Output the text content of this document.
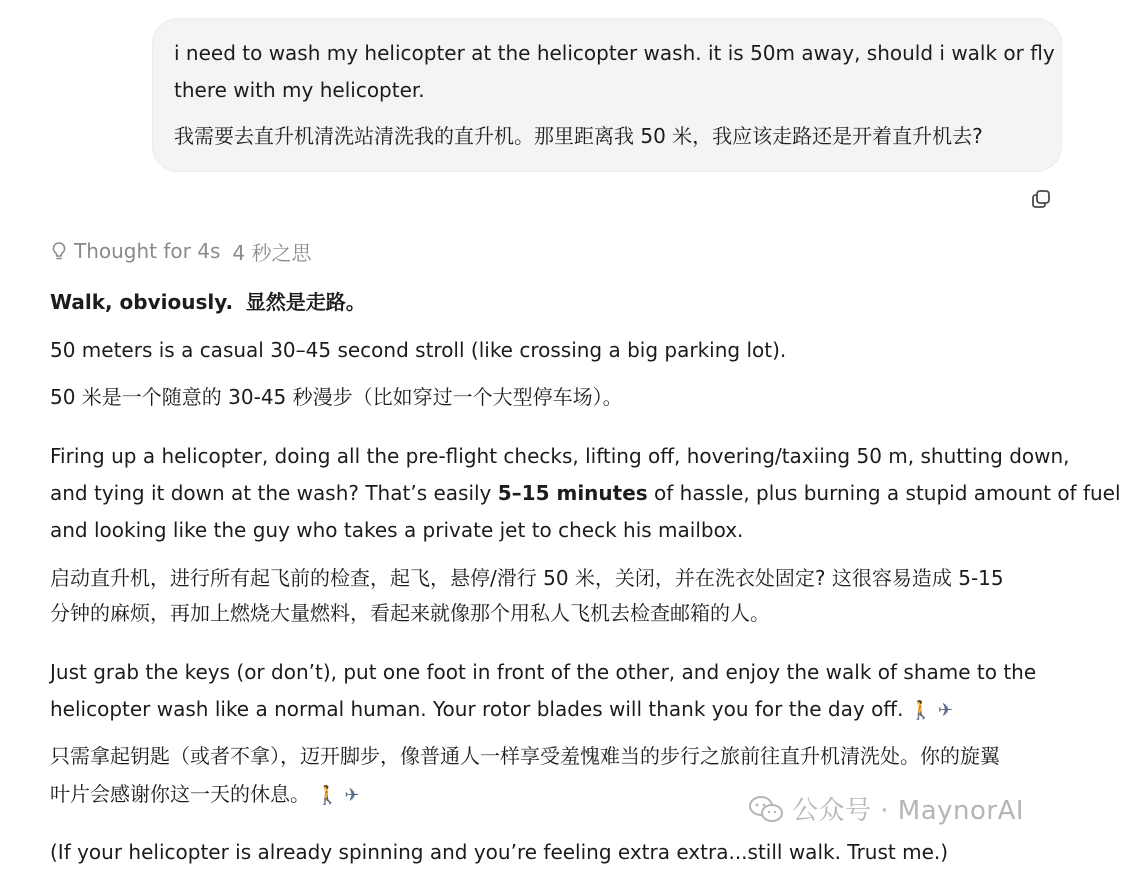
i need to wash my helicopter at the helicopter wash. it is 50m away, should i walk or fly

there with my helicopter.

我需要去直升机清洗站清洗我的直升机。那里距离我 50 米，我应该走路还是开着直升机去?

Thought for 4s 4 秒之思

Walk, obviously. 显然是走路。

50 meters is a casual 30–45 second stroll (like crossing a big parking lot).

50 米是一个随意的 30-45 秒漫步（比如穿过一个大型停车场）。

Firing up a helicopter, doing all the pre-flight checks, lifting off, hovering/taxiing 50 m, shutting down,

and tying it down at the wash? That’s easily 5–15 minutes of hassle, plus burning a stupid amount of fuel

and looking like the guy who takes a private jet to check his mailbox.

启动直升机，进行所有起飞前的检查，起飞，悬停/滑行 50 米，关闭，并在洗衣处固定? 这很容易造成 5-15

分钟的麻烦，再加上燃烧大量燃料，看起来就像那个用私人飞机去检查邮箱的人。

Just grab the keys (or don’t), put one foot in front of the other, and enjoy the walk of shame to the

helicopter wash like a normal human. Your rotor blades will thank you for the day off. 🚶 ✈

只需拿起钥匙（或者不拿），迈开脚步，像普通人一样享受羞愧难当的步行之旅前往直升机清洗处。你的旋翼

叶片会感谢你这一天的休息。 🚶 ✈

(If your helicopter is already spinning and you’re feeling extra extra...still walk. Trust me.)

公众号 · MaynorAI
